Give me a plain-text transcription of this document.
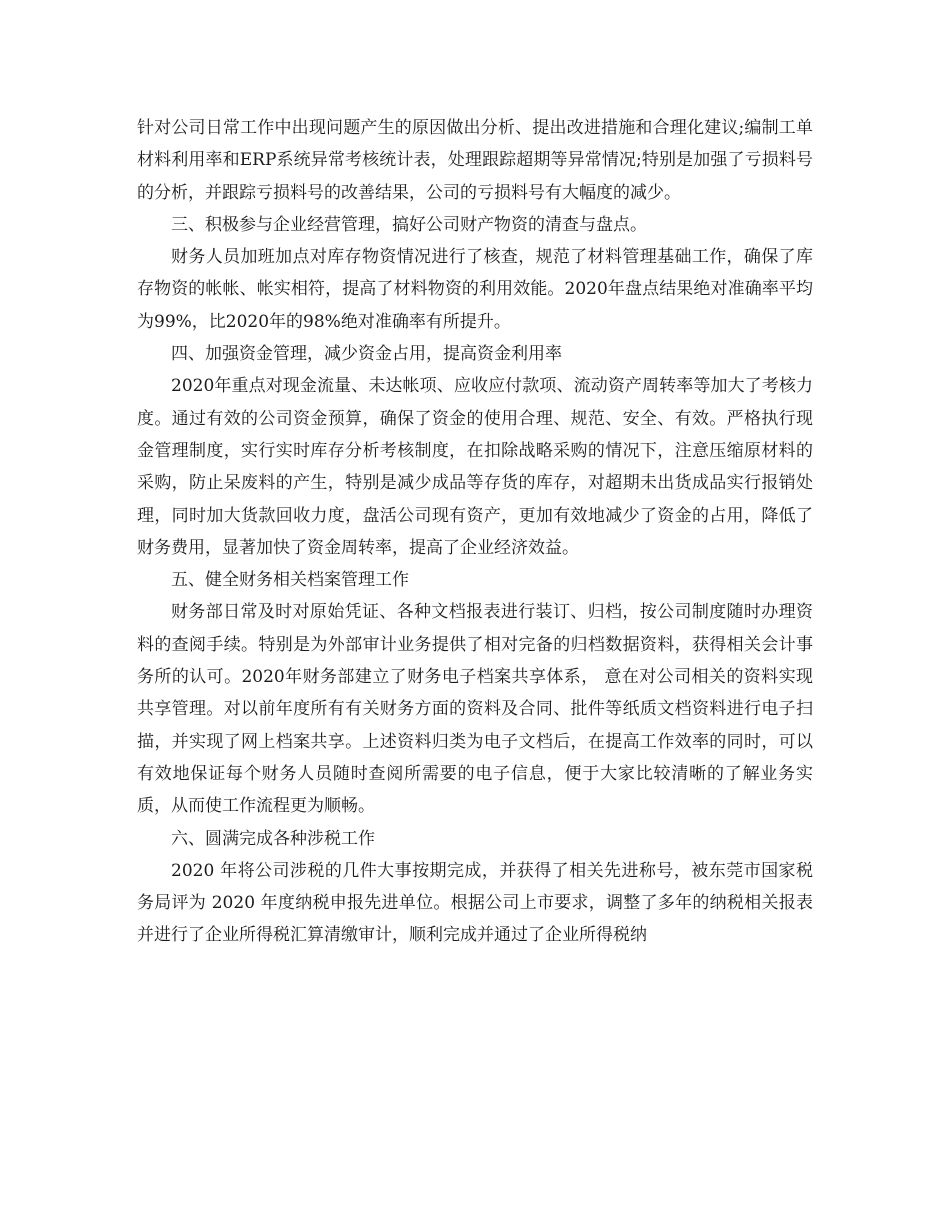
针对公司日常工作中出现问题产生的原因做出分析、提出改进措施和合理化建议;编制工单材料利用率和ERP系统异常考核统计表，处理跟踪超期等异常情况;特别是加强了亏损料号的分析，并跟踪亏损料号的改善结果，公司的亏损料号有大幅度的减少。

三、积极参与企业经营管理，搞好公司财产物资的清查与盘点。

财务人员加班加点对库存物资情况进行了核查，规范了材料管理基础工作，确保了库存物资的帐帐、帐实相符，提高了材料物资的利用效能。2020年盘点结果绝对准确率平均为99%，比2020年的98%绝对准确率有所提升。

四、加强资金管理，减少资金占用，提高资金利用率

2020年重点对现金流量、未达帐项、应收应付款项、流动资产周转率等加大了考核力度。通过有效的公司资金预算，确保了资金的使用合理、规范、安全、有效。严格执行现金管理制度，实行实时库存分析考核制度，在扣除战略采购的情况下，注意压缩原材料的采购，防止呆废料的产生，特别是减少成品等存货的库存，对超期未出货成品实行报销处理，同时加大货款回收力度，盘活公司现有资产，更加有效地减少了资金的占用，降低了财务费用，显著加快了资金周转率，提高了企业经济效益。

五、健全财务相关档案管理工作

财务部日常及时对原始凭证、各种文档报表进行装订、归档，按公司制度随时办理资料的查阅手续。特别是为外部审计业务提供了相对完备的归档数据资料，获得相关会计事务所的认可。2020年财务部建立了财务电子档案共享体系， 意在对公司相关的资料实现共享管理。对以前年度所有有关财务方面的资料及合同、批件等纸质文档资料进行电子扫描，并实现了网上档案共享。上述资料归类为电子文档后，在提高工作效率的同时，可以有效地保证每个财务人员随时查阅所需要的电子信息，便于大家比较清晰的了解业务实质，从而使工作流程更为顺畅。

六、圆满完成各种涉税工作

2020 年将公司涉税的几件大事按期完成，并获得了相关先进称号，被东莞市国家税务局评为 2020 年度纳税申报先进单位。根据公司上市要求，调整了多年的纳税相关报表并进行了企业所得税汇算清缴审计，顺利完成并通过了企业所得税纳
